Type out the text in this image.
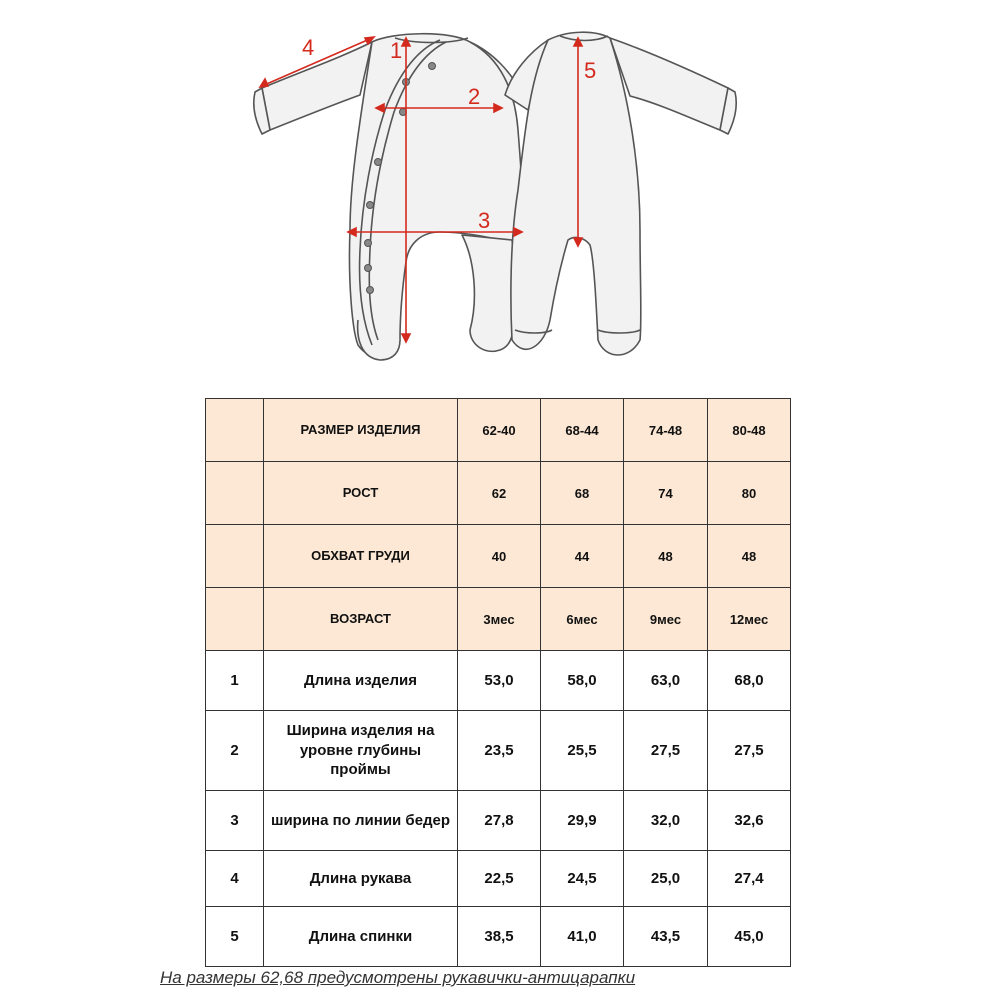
1
2
3
4
5
	РАЗМЕР ИЗДЕЛИЯ	62-40	68-44	74-48	80-48
	РОСТ	62	68	74	80
	ОБХВАТ ГРУДИ	40	44	48	48
	ВОЗРАСТ	3мес	6мес	9мес	12мес
1	Длина изделия	53,0	58,0	63,0	68,0
2	Ширина изделия на уровне глубины проймы	23,5	25,5	27,5	27,5
3	ширина по линии бедер	27,8	29,9	32,0	32,6
4	Длина рукава	22,5	24,5	25,0	27,4
5	Длина спинки	38,5	41,0	43,5	45,0
На размеры 62,68 предусмотрены рукавички-антицарапки
